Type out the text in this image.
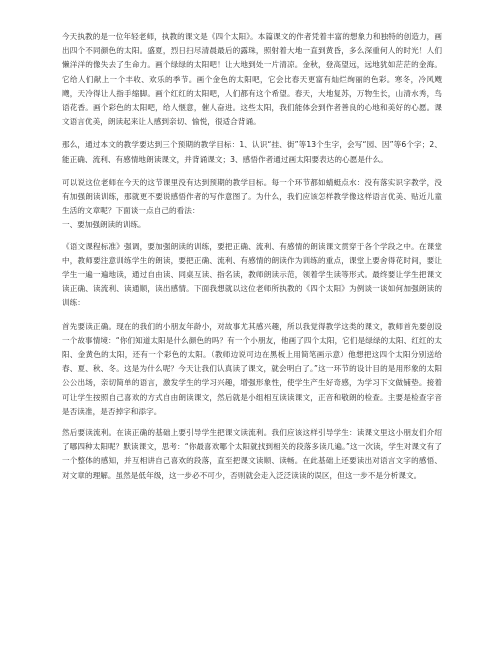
今天执教的是一位年轻老师，执教的课文是《四个太阳》。本篇课文的作者凭着丰富的想象力和独特的创造力，画出四个不同颜色的太阳。盛夏，烈日扫尽清晨最后的露珠，照射着大地一直到黄昏，多么深重何人的时光！人们懒洋洋的像失去了生命力。画个绿绿的太阳吧！让大地到处一片清凉。金秋，登高望远，远地犹如茫茫的金海。它给人们献上一个丰收、欢乐的季节。画个金色的太阳吧，它会比春天更富有灿烂绚丽的色彩。寒冬，冷风飕飕，天冷得让人指手缩脚。画个红红的太阳吧，人们都有这个希望。春天，大地复苏，万物生长，山清水秀，鸟语花香。画个彩色的太阳吧，给人惬意，催人奋进。这些太阳，我们能体会到作者善良的心地和美好的心愿。课文语言优美，朗读起来让人感到亲切、愉悦，很适合背诵。

那么，通过本文的教学要达到三个预期的教学目标：1、认识“挂、街”等13个生字，会写“园、因”等6个字；2、能正确、流利、有感情地朗读课文，并背诵课文；3、感悟作者通过画太阳要表达的心愿是什么。

可以说这位老师在今天的这节课里没有达到预期的教学目标。每一个环节都如蜻蜓点水：没有落实识字教学，没有加强朗读训练，那就更不要说感悟作者的写作意图了。为什么，我们应该怎样教学像这样语言优美、贴近儿童生活的文章呢？下面谈一点自己的看法：

一、要加强朗读的训练。

《语文课程标准》强调，要加强朗读的训练，要把正确、流利、有感情的朗读课文贯穿于各个学段之中。在课堂中，教师要注意训练学生的朗读，要把正确、流利、有感情的朗读作为训练的重点，课堂上要舍得花时间，要让学生一遍一遍地读，通过自由读、同桌互读、指名读，教师朗读示范，领着学生读等形式。最终要让学生把课文读正确、读流利、读通顺，读出感情。下面我想就以这位老师所执教的《四个太阳》为例谈一谈如何加强朗读的训练：

首先要读正确。现在的我们的小朋友年龄小，对故事尤其感兴趣，所以我觉得教学这类的课文，教师首先要创设一个故事情境：“你们知道太阳是什么颜色的吗？有一个小朋友，他画了四个太阳，它们是绿绿的太阳、红红的太阳、金黄色的太阳，还有一个彩色的太阳。（教师边说可边在黑板上用简笔画示意）他想把这四个太阳分别送给春、夏、秋、冬。这是为什么呢？今天让我们认真读了课文，就会明白了。”这一环节的设计目的是用形象的太阳公公出场，亲切简单的语言，激发学生的学习兴趣，增强形象性，使学生产生好奇感，为学习下文做铺垫。接着可让学生按照自己喜欢的方式自由朗读课文，然后就是小组相互读读课文，正音和敬朗的检查。主要是检查字音是否读准，是否掉字和添字。

然后要读流利。在读正确的基础上要引导学生把课文读流利。我们应该这样引导学生：读课文里这小朋友们介绍了哪四种太阳呢？默读课文，思考：“你最喜欢哪个太阳就找到相关的段落多读几遍。”这一次读，学生对课文有了一个整体的感知，并互相讲自己喜欢的段落，直至把课文读顺、读畅。在此基础上还要读出对语言文字的感悟、对文章的理解。虽然是低年级，这一步必不可少，否则就会走入泛泛读读的误区，但这一步不是分析课文。
